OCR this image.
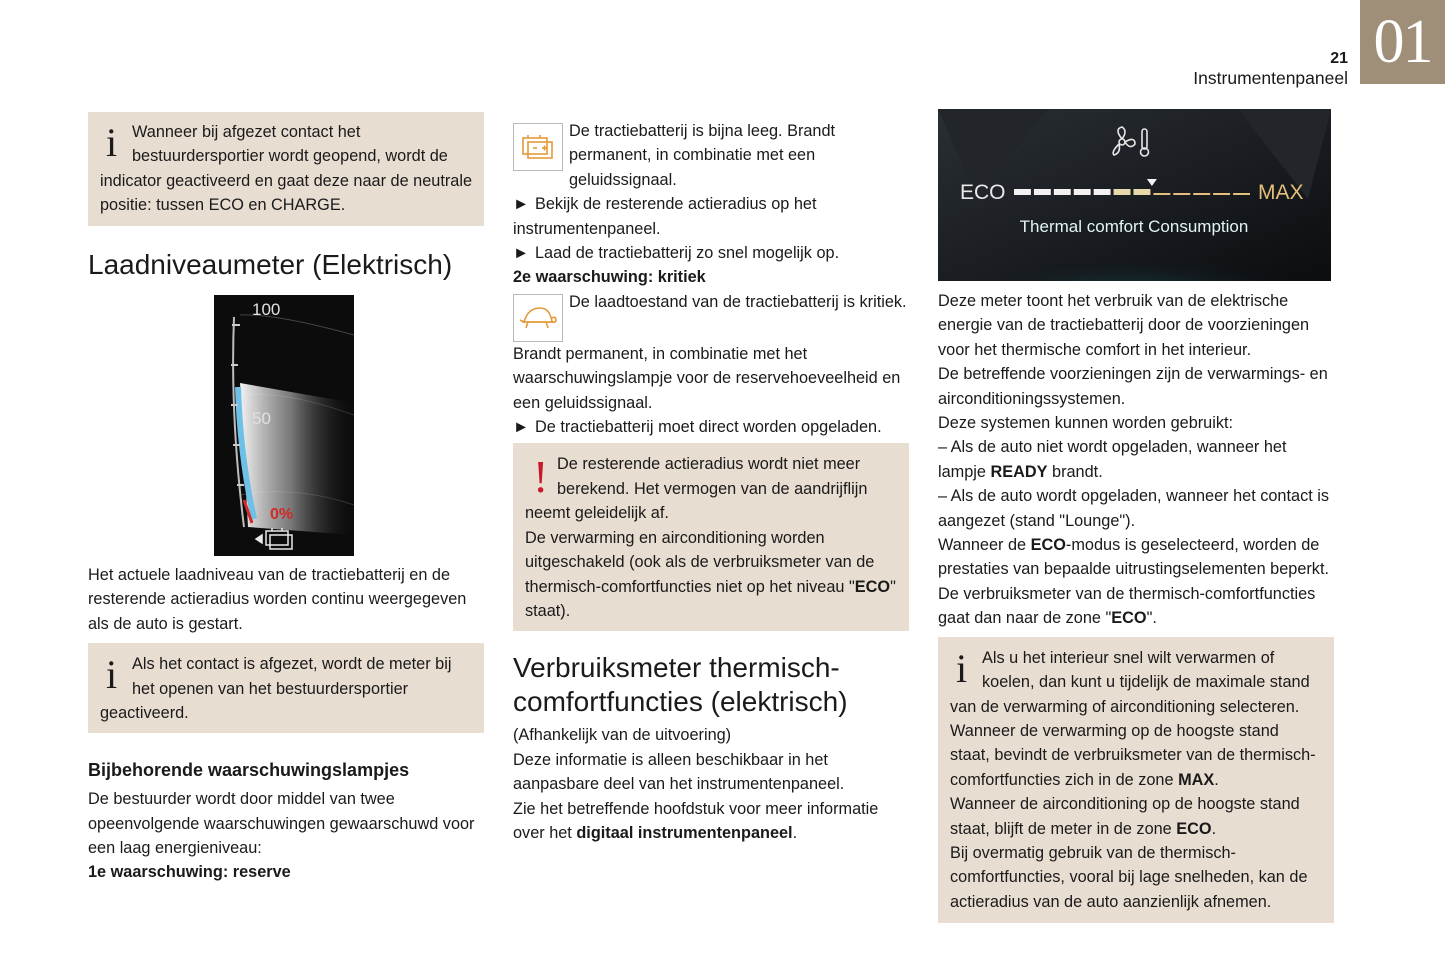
01
21
Instrumentenpaneel
i Wanneer bij afgezet contact het bestuurdersportier wordt geopend, wordt de indicator geactiveerd en gaat deze naar de neutrale positie: tussen ECO en CHARGE.
Laadniveaumeter (Elektrisch)
100
50
0%
Het actuele laadniveau van de tractiebatterij en de resterende actieradius worden continu weergegeven als de auto is gestart.
i Als het contact is afgezet, wordt de meter bij het openen van het bestuurdersportier geactiveerd.
Bijbehorende waarschuwingslampjes
De bestuurder wordt door middel van twee opeenvolgende waarschuwingen gewaarschuwd voor een laag energieniveau:
1e waarschuwing: reserve
De tractiebatterij is bijna leeg. Brandt permanent, in combinatie met een geluidssignaal.
► Bekijk de resterende actieradius op het instrumentenpaneel.
► Laad de tractiebatterij zo snel mogelijk op.
2e waarschuwing: kritiek
De laadtoestand van de tractiebatterij is kritiek.
Brandt permanent, in combinatie met het waarschuwingslampje voor de reservehoeveelheid en een geluidssignaal.
► De tractiebatterij moet direct worden opgeladen.
! De resterende actieradius wordt niet meer berekend. Het vermogen van de aandrijflijn neemt geleidelijk af.
De verwarming en airconditioning worden uitgeschakeld (ook als de verbruiksmeter van de thermisch-comfortfuncties niet op het niveau "ECO" staat).
Verbruiksmeter thermisch-comfortfuncties (elektrisch)
(Afhankelijk van de uitvoering)
Deze informatie is alleen beschikbaar in het aanpasbare deel van het instrumentenpaneel.
Zie het betreffende hoofdstuk voor meer informatie over het digitaal instrumentenpaneel.
ECO	MAX
Thermal comfort Consumption
Deze meter toont het verbruik van de elektrische energie van de tractiebatterij door de voorzieningen voor het thermische comfort in het interieur.
De betreffende voorzieningen zijn de verwarmings- en airconditioningssystemen.
Deze systemen kunnen worden gebruikt:
– Als de auto niet wordt opgeladen, wanneer het lampje READY brandt.
– Als de auto wordt opgeladen, wanneer het contact is aangezet (stand "Lounge").
Wanneer de ECO-modus is geselecteerd, worden de prestaties van bepaalde uitrustingselementen beperkt. De verbruiksmeter van de thermisch-comfortfuncties gaat dan naar de zone "ECO".
i Als u het interieur snel wilt verwarmen of koelen, dan kunt u tijdelijk de maximale stand van de verwarming of airconditioning selecteren.
Wanneer de verwarming op de hoogste stand staat, bevindt de verbruiksmeter van de thermisch-comfortfuncties zich in de zone MAX.
Wanneer de airconditioning op de hoogste stand staat, blijft de meter in de zone ECO.
Bij overmatig gebruik van de thermisch-comfortfuncties, vooral bij lage snelheden, kan de actieradius van de auto aanzienlijk afnemen.
